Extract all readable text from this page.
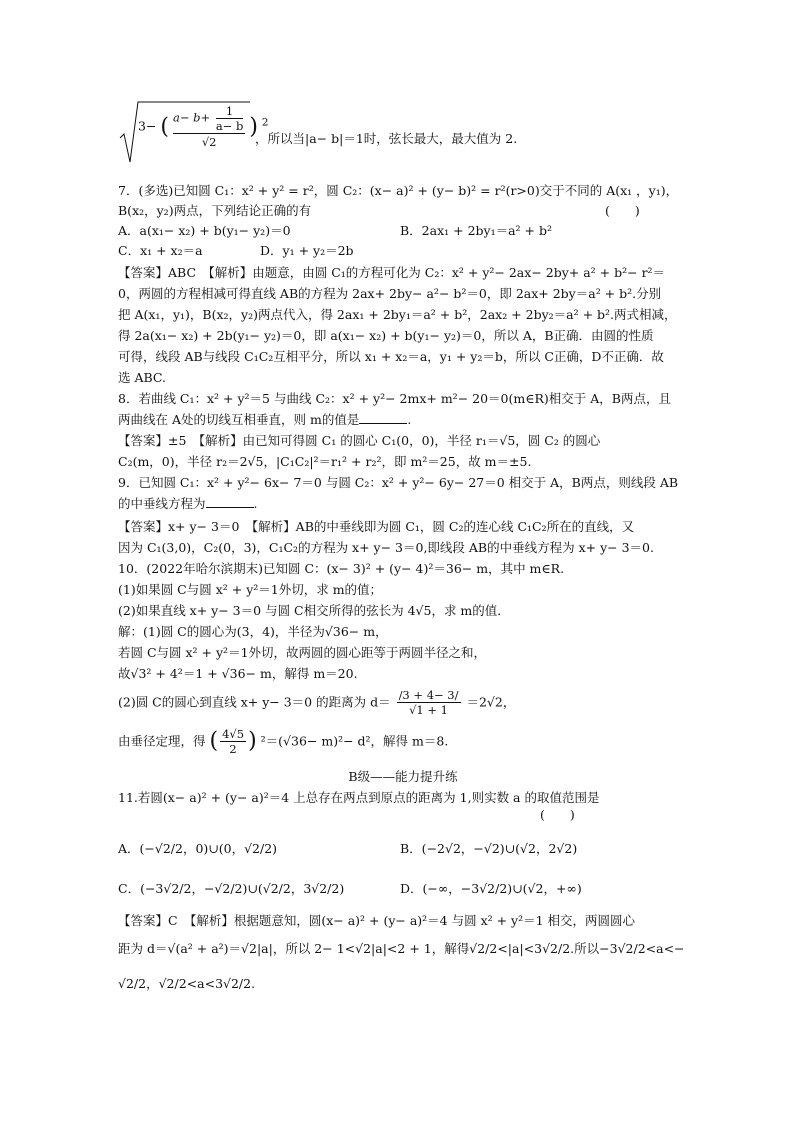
3− ( $\frac{a- b+ \frac{1}{a- b}}{√2}$ ) $^2$
，所以当|a− b|＝1时，弦长最大，最大值为 2.
7．(多选)已知圆 C₁：x² + y² = r²，圆 C₂：(x− a)² + (y− b)² = r²(r>0)交于不同的 A(x₁ ，y₁)，
B(x₂，y₂)两点，下列结论正确的有	(　　)
A．a(x₁− x₂) + b(y₁− y₂)＝0	B．2ax₁ + 2by₁＝a² + b²
C．x₁ + x₂＝a	D．y₁ + y₂＝2b
【答案】ABC　【解析】由题意，由圆 C₁的方程可化为 C₂：x² + y²− 2ax− 2by+ a² + b²− r²＝
0，两圆的方程相减可得直线 AB的方程为 2ax+ 2by− a²− b²＝0，即 2ax+ 2by＝a² + b².分别
把 A(x₁，y₁)，B(x₂，y₂)两点代入，得 2ax₁ + 2by₁＝a² + b²，2ax₂ + 2by₂＝a² + b².两式相减，
得 2a(x₁− x₂) + 2b(y₁− y₂)＝0，即 a(x₁− x₂) + b(y₁− y₂)＝0，所以 A，B正确．由圆的性质
可得，线段 AB与线段 C₁C₂互相平分，所以 x₁ + x₂＝a，y₁ + y₂＝b，所以 C正确，D不正确．故
选 ABC.
8．若曲线 C₁：x² + y²＝5 与曲线 C₂：x² + y²− 2mx+ m²− 20＝0(m∈R)相交于 A，B两点，且
两曲线在 A处的切线互相垂直，则 m的值是	.
【答案】±5　【解析】由已知可得圆 C₁ 的圆心 C₁(0，0)，半径 r₁＝√5，圆 C₂ 的圆心
C₂(m，0)，半径 r₂＝2√5，|C₁C₂|²＝r₁² + r₂²，即 m²＝25，故 m＝±5.
9．已知圆 C₁：x² + y²− 6x− 7＝0 与圆 C₂：x² + y²− 6y− 27＝0 相交于 A，B两点，则线段 AB
的中垂线方程为	.
【答案】x+ y− 3＝0　【解析】AB的中垂线即为圆 C₁，圆 C₂的连心线 C₁C₂所在的直线，又
因为 C₁(3,0)，C₂(0，3)，C₁C₂的方程为 x+ y− 3＝0,即线段 AB的中垂线方程为 x+ y− 3＝0.
10．(2022年哈尔滨期末)已知圆 C：(x− 3)² + (y− 4)²＝36− m，其中 m∈R.
(1)如果圆 C与圆 x² + y²＝1外切，求 m的值；
(2)如果直线 x+ y− 3＝0 与圆 C相交所得的弦长为 4√5，求 m的值．
解：(1)圆 C的圆心为(3，4)，半径为√36− m，
若圆 C与圆 x² + y²＝1外切，故两圆的圆心距等于两圆半径之和，
故√3² + 4²＝1 + √36− m，解得 m＝20.
(2)圆 C的圆心到直线 x+ y− 3＝0 的距离为 $d= \frac{/3 + 4- 3/}{√1 + 1} =2√2$，
由垂径定理，得 ( $\frac{4√5}{2}$ ) ²＝(√36− m)²− d²，解得 m＝8.
B级——能力提升练
11.若圆(x− a)² + (y− a)²＝4 上总存在两点到原点的距离为 1,则实数 a 的取值范围是
(　　)
A．(−√2/2，0)∪(0，√2/2)	B．(−2√2，−√2)∪(√2，2√2)
C．(−3√2/2，−√2/2)∪(√2/2，3√2/2)	D．(−∞，−3√2/2)∪(√2，+∞)
【答案】C　【解析】根据题意知，圆(x− a)² + (y− a)²＝4 与圆 x² + y²＝1 相交，两圆圆心
距为 d＝√(a² + a²)＝√2|a|，所以 2− 1<√2|a|<2 + 1，解得√2/2<|a|<3√2/2.所以−3√2/2<a<−
√2/2，√2/2<a<3√2/2.
